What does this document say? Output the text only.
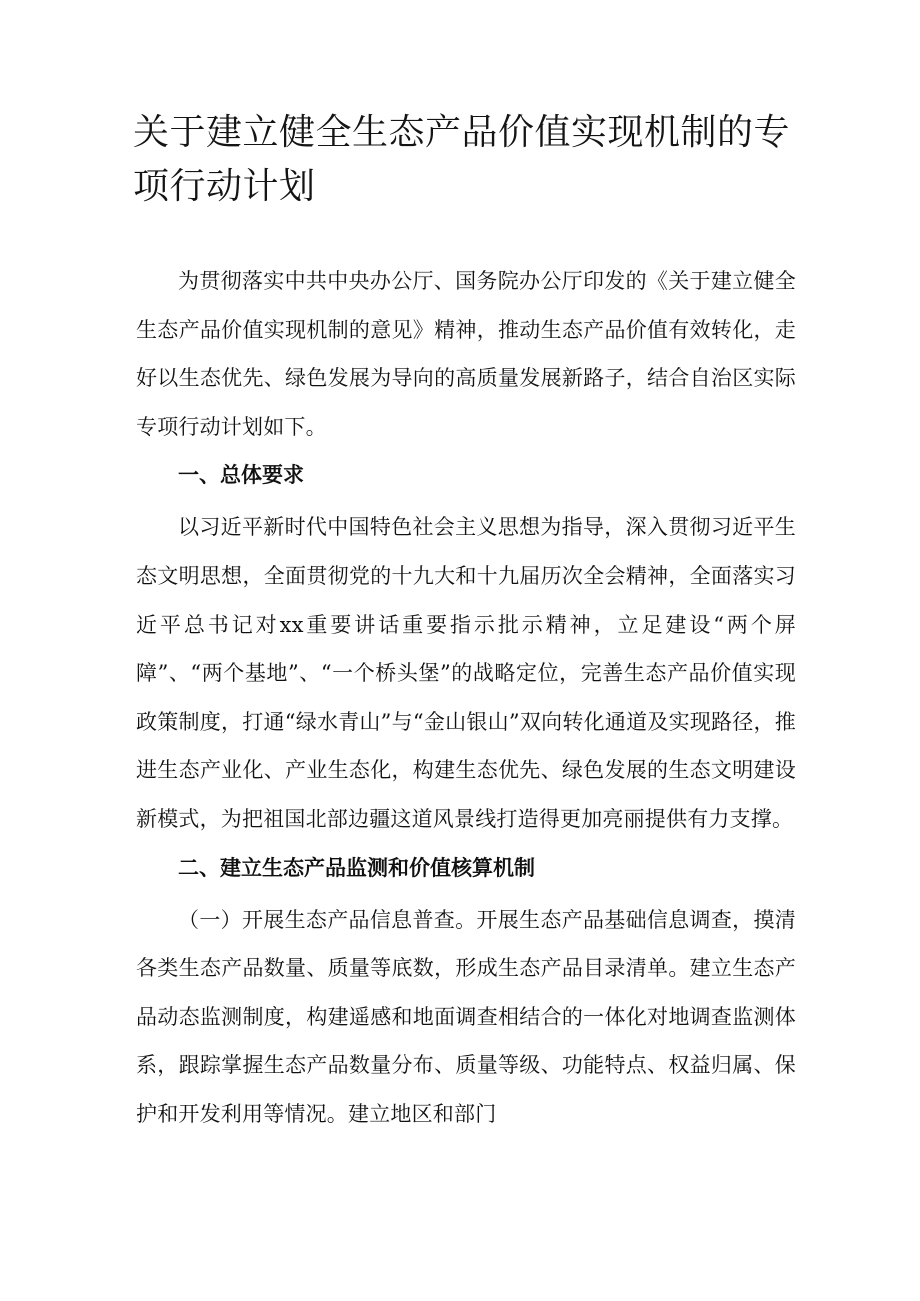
关于建立健全生态产品价值实现机制的专项行动计划

为贯彻落实中共中央办公厅、国务院办公厅印发的《关于建立健全生态产品价值实现机制的意见》精神，推动生态产品价值有效转化，走好以生态优先、绿色发展为导向的高质量发展新路子，结合自治区实际专项行动计划如下。

一、总体要求

以习近平新时代中国特色社会主义思想为指导，深入贯彻习近平生态文明思想，全面贯彻党的十九大和十九届历次全会精神，全面落实习近平总书记对xx重要讲话重要指示批示精神，立足建设“两个屏障”、“两个基地”、“一个桥头堡”的战略定位，完善生态产品价值实现政策制度，打通“绿水青山”与“金山银山”双向转化通道及实现路径，推进生态产业化、产业生态化，构建生态优先、绿色发展的生态文明建设新模式，为把祖国北部边疆这道风景线打造得更加亮丽提供有力支撑。

二、建立生态产品监测和价值核算机制

（一）开展生态产品信息普查。开展生态产品基础信息调查，摸清各类生态产品数量、质量等底数，形成生态产品目录清单。建立生态产品动态监测制度，构建遥感和地面调查相结合的一体化对地调查监测体系，跟踪掌握生态产品数量分布、质量等级、功能特点、权益归属、保护和开发利用等情况。建立地区和部门
